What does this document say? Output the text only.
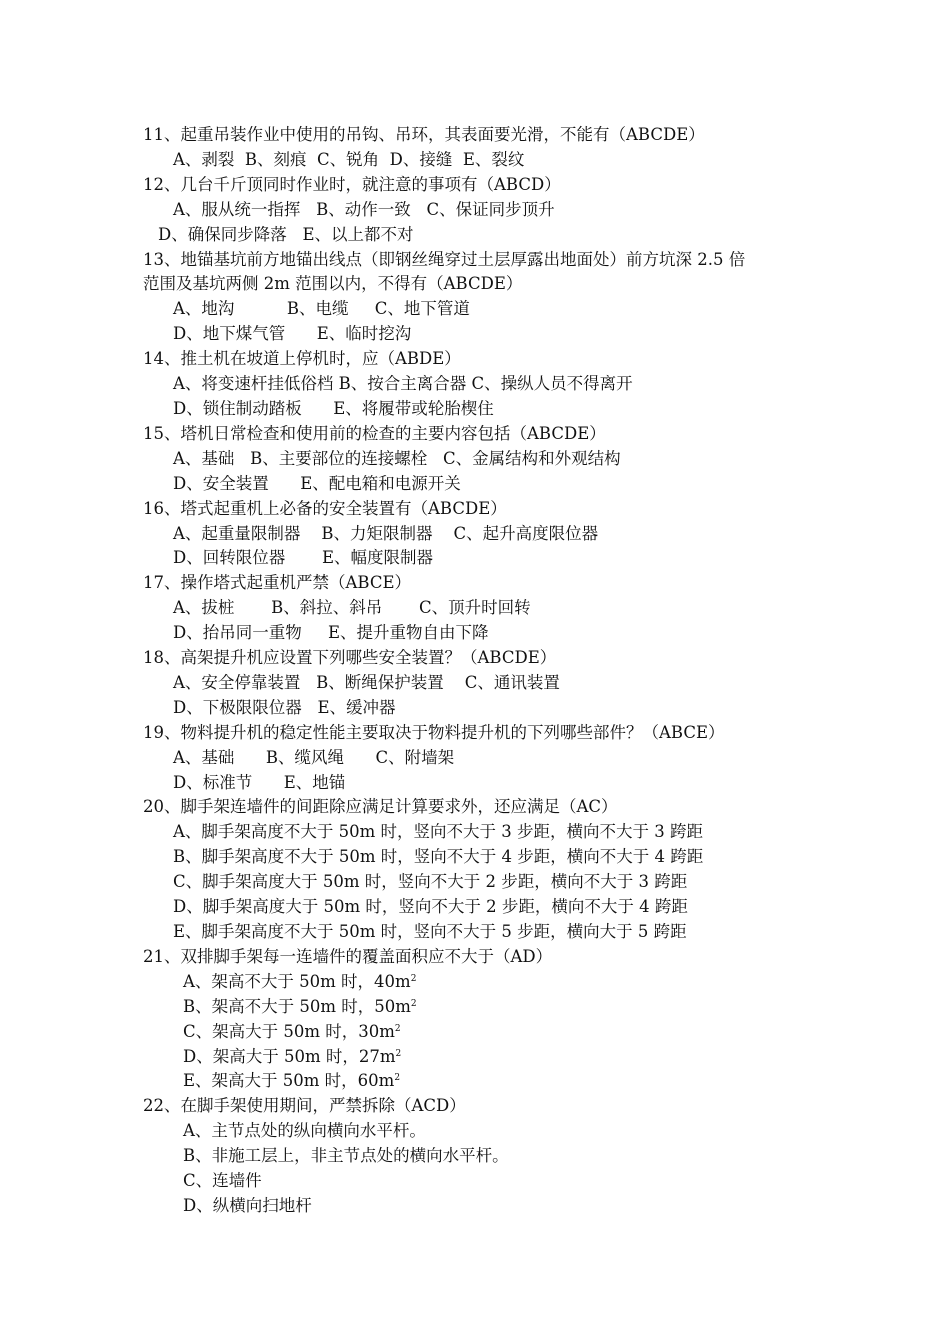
11、起重吊装作业中使用的吊钩、吊环，其表面要光滑，不能有（ABCDE）
A、剥裂  B、刻痕  C、锐角  D、接缝  E、裂纹
12、几台千斤顶同时作业时，就注意的事项有（ABCD）
A、服从统一指挥   B、动作一致   C、保证同步顶升
D、确保同步降落   E、以上都不对
13、地锚基坑前方地锚出线点（即钢丝绳穿过土层厚露出地面处）前方坑深 2.5 倍
范围及基坑两侧 2m 范围以内，不得有（ABCDE）
A、地沟          B、电缆     C、地下管道
D、地下煤气管      E、临时挖沟
14、推土机在坡道上停机时，应（ABDE）
A、将变速杆挂低俗档 B、按合主离合器 C、操纵人员不得离开
D、锁住制动踏板      E、将履带或轮胎楔住
15、塔机日常检查和使用前的检查的主要内容包括（ABCDE）
A、基础   B、主要部位的连接螺栓   C、金属结构和外观结构
D、安全装置      E、配电箱和电源开关
16、塔式起重机上必备的安全装置有（ABCDE）
A、起重量限制器    B、力矩限制器    C、起升高度限位器
D、回转限位器       E、幅度限制器
17、操作塔式起重机严禁（ABCE）
A、拔桩       B、斜拉、斜吊       C、顶升时回转
D、抬吊同一重物     E、提升重物自由下降
18、高架提升机应设置下列哪些安全装置？（ABCDE）
A、安全停靠装置   B、断绳保护装置    C、通讯装置
D、下极限限位器   E、缓冲器
19、物料提升机的稳定性能主要取决于物料提升机的下列哪些部件？（ABCE）
A、基础      B、缆风绳      C、附墙架
D、标准节      E、地锚
20、脚手架连墙件的间距除应满足计算要求外，还应满足（AC）
A、脚手架高度不大于 50m 时，竖向不大于 3 步距，横向不大于 3 跨距
B、脚手架高度不大于 50m 时，竖向不大于 4 步距，横向不大于 4 跨距
C、脚手架高度大于 50m 时，竖向不大于 2 步距，横向不大于 3 跨距
D、脚手架高度大于 50m 时，竖向不大于 2 步距，横向不大于 4 跨距
E、脚手架高度不大于 50m 时，竖向不大于 5 步距，横向大于 5 跨距
21、双排脚手架每一连墙件的覆盖面积应不大于（AD）
A、架高不大于 50m 时，$40m^2$
B、架高不大于 50m 时，$50m^2$
C、架高大于 50m 时，$30m^2$
D、架高大于 50m 时，$27m^2$
E、架高大于 50m 时，$60m^2$
22、在脚手架使用期间，严禁拆除（ACD）
A、主节点处的纵向横向水平杆。
B、非施工层上，非主节点处的横向水平杆。
C、连墙件
D、纵横向扫地杆
